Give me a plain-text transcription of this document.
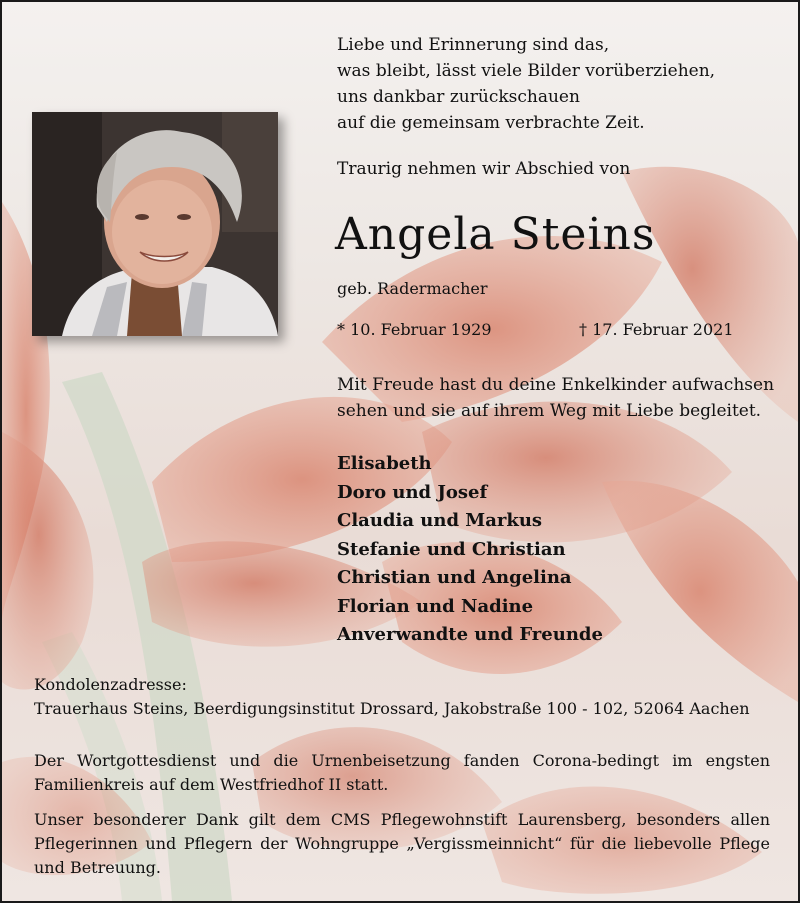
Liebe und Erinnerung sind das,
was bleibt, lässt viele Bilder vorüberziehen,
uns dankbar zurückschauen
auf die gemeinsam verbrachte Zeit.
Traurig nehmen wir Abschied von
Angela Steins
geb. Radermacher
* 10. Februar 1929	† 17. Februar 2021
Mit Freude hast du deine Enkelkinder aufwachsen
sehen und sie auf ihrem Weg mit Liebe begleitet.
Elisabeth
Doro und Josef
Claudia und Markus
Stefanie und Christian
Christian und Angelina
Florian und Nadine
Anverwandte und Freunde
Kondolenzadresse:
Trauerhaus Steins, Beerdigungsinstitut Drossard, Jakobstraße 100 - 102, 52064 Aachen
Der Wortgottesdienst und die Urnenbeisetzung fanden Corona-bedingt im engsten Familienkreis auf dem Westfriedhof II statt.
Unser besonderer Dank gilt dem CMS Pflegewohnstift Laurensberg, besonders allen Pflegerinnen und Pflegern der Wohngruppe „Vergissmeinnicht“ für die liebevolle Pflege und Betreuung.
